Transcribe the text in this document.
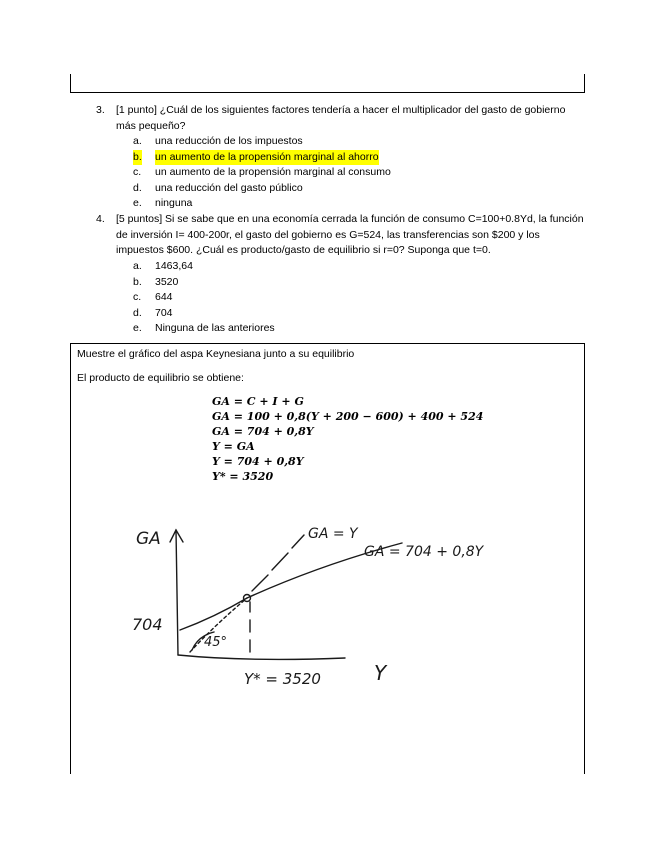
3. [1 punto] ¿Cuál de los siguientes factores tendería a hacer el multiplicador del gasto de gobierno más pequeño?
a. una reducción de los impuestos
b. un aumento de la propensión marginal al ahorro
c. un aumento de la propensión marginal al consumo
d. una reducción del gasto público
e. ninguna
4. [5 puntos] Si se sabe que en una economía cerrada la función de consumo C=100+0.8Yd, la función de inversión I= 400-200r, el gasto del gobierno es G=524, las transferencias son $200 y los impuestos $600. ¿Cuál es producto/gasto de equilibrio si r=0? Suponga que t=0.
a. 1463,64
b. 3520
c. 644
d. 704
e. Ninguna de las anteriores
Muestre el gráfico del aspa Keynesiana junto a su equilibrio
El producto de equilibrio se obtiene:
GA = C + I + G
GA = 100 + 0,8(Y + 200 − 600) + 400 + 524
GA = 704 + 0,8Y
Y = GA
Y = 704 + 0,8Y
Y* = 3520
GA
Y
704
GA = Y
GA = 704 + 0,8Y
45°
Y* = 3520
